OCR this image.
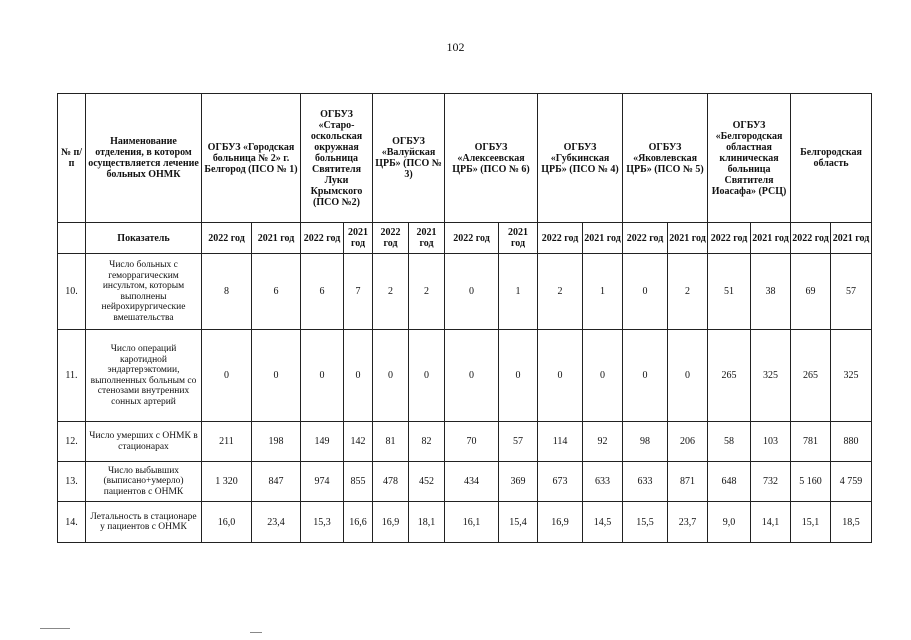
102
№ п/п	Наименование отделения, в котором осуществляется лечение больных ОНМК	ОГБУЗ «Городская больница № 2» г. Белгород (ПСО № 1)		ОГБУЗ «Старо-оскольская окружная больница Святителя Луки Крымского (ПСО №2)		ОГБУЗ «Валуйская ЦРБ» (ПСО № 3)		ОГБУЗ «Алексеевская ЦРБ» (ПСО № 6)		ОГБУЗ «Губкинская ЦРБ» (ПСО № 4)		ОГБУЗ «Яковлевская ЦРБ» (ПСО № 5)		ОГБУЗ «Белгородская областная клиническая больница Святителя Иоасафа» (РСЦ)		Белгородская область	
	Показатель	2022 год	2021 год	2022 год	2021 год	2022 год	2021 год	2022 год	2021 год	2022 год	2021 год	2022 год	2021 год	2022 год	2021 год	2022 год	2021 год
10.	Число больных с геморрагическим инсультом, которым выполнены нейрохирургические вмешательства	8	6	6	7	2	2	0	1	2	1	0	2	51	38	69	57
11.	Число операций каротидной эндартерэктомии, выполненных больным со стенозами внутренних сонных артерий	0	0	0	0	0	0	0	0	0	0	0	0	265	325	265	325
12.	Число умерших с ОНМК в стационарах	211	198	149	142	81	82	70	57	114	92	98	206	58	103	781	880
13.	Число выбывших (выписано+умерло) пациентов с ОНМК	1 320	847	974	855	478	452	434	369	673	633	633	871	648	732	5 160	4 759
14.	Летальность в стационаре у пациентов с ОНМК	16,0	23,4	15,3	16,6	16,9	18,1	16,1	15,4	16,9	14,5	15,5	23,7	9,0	14,1	15,1	18,5
